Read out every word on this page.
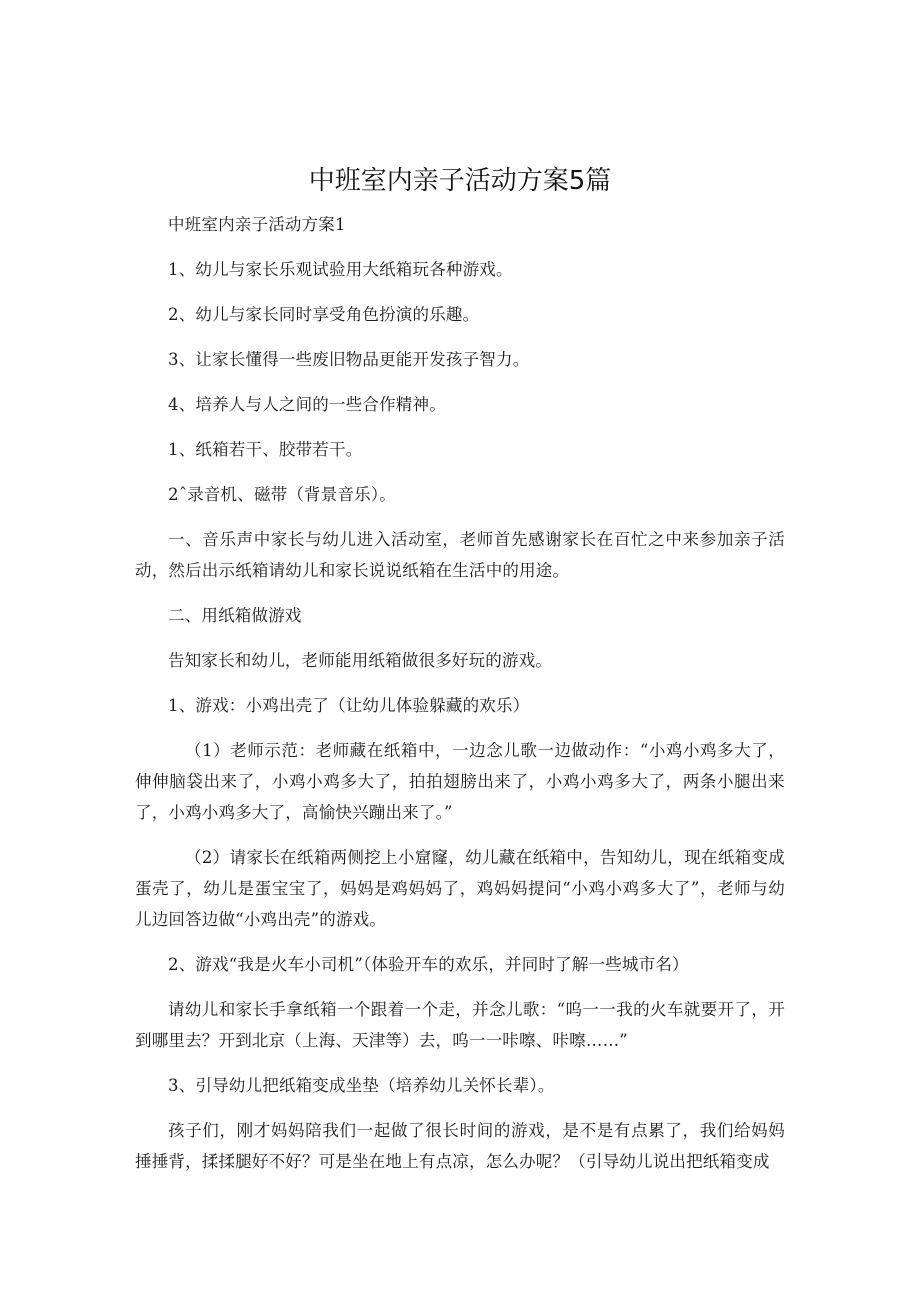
中班室内亲子活动方案5篇

中班室内亲子活动方案1

1、幼儿与家长乐观试验用大纸箱玩各种游戏。

2、幼儿与家长同时享受角色扮演的乐趣。

3、让家长懂得一些废旧物品更能开发孩子智力。

4、培养人与人之间的一些合作精神。

1、纸箱若干、胶带若干。

2ˆ录音机、磁带（背景音乐）。

一、音乐声中家长与幼儿进入活动室，老师首先感谢家长在百忙之中来参加亲子活动，然后出示纸箱请幼儿和家长说说纸箱在生活中的用途。

二、用纸箱做游戏

告知家长和幼儿，老师能用纸箱做很多好玩的游戏。

1、游戏：小鸡出壳了（让幼儿体验躲藏的欢乐）

（1）老师示范：老师藏在纸箱中，一边念儿歌一边做动作：“小鸡小鸡多大了，伸伸脑袋出来了，小鸡小鸡多大了，拍拍翅膀出来了，小鸡小鸡多大了，两条小腿出来了，小鸡小鸡多大了，高愉快兴蹦出来了。”

（2）请家长在纸箱两侧挖上小窟窿，幼儿藏在纸箱中，告知幼儿，现在纸箱变成蛋壳了，幼儿是蛋宝宝了，妈妈是鸡妈妈了，鸡妈妈提问“小鸡小鸡多大了”，老师与幼儿边回答边做“小鸡出壳”的游戏。

2、游戏“我是火车小司机”（体验开车的欢乐，并同时了解一些城市名）

请幼儿和家长手拿纸箱一个跟着一个走，并念儿歌：“呜一一我的火车就要开了，开到哪里去？开到北京（上海、天津等）去，呜一一咔嚓、咔嚓……”

3、引导幼儿把纸箱变成坐垫（培养幼儿关怀长辈）。

孩子们，刚才妈妈陪我们一起做了很长时间的游戏，是不是有点累了，我们给妈妈捶捶背，揉揉腿好不好？可是坐在地上有点凉，怎么办呢？（引导幼儿说出把纸箱变成
